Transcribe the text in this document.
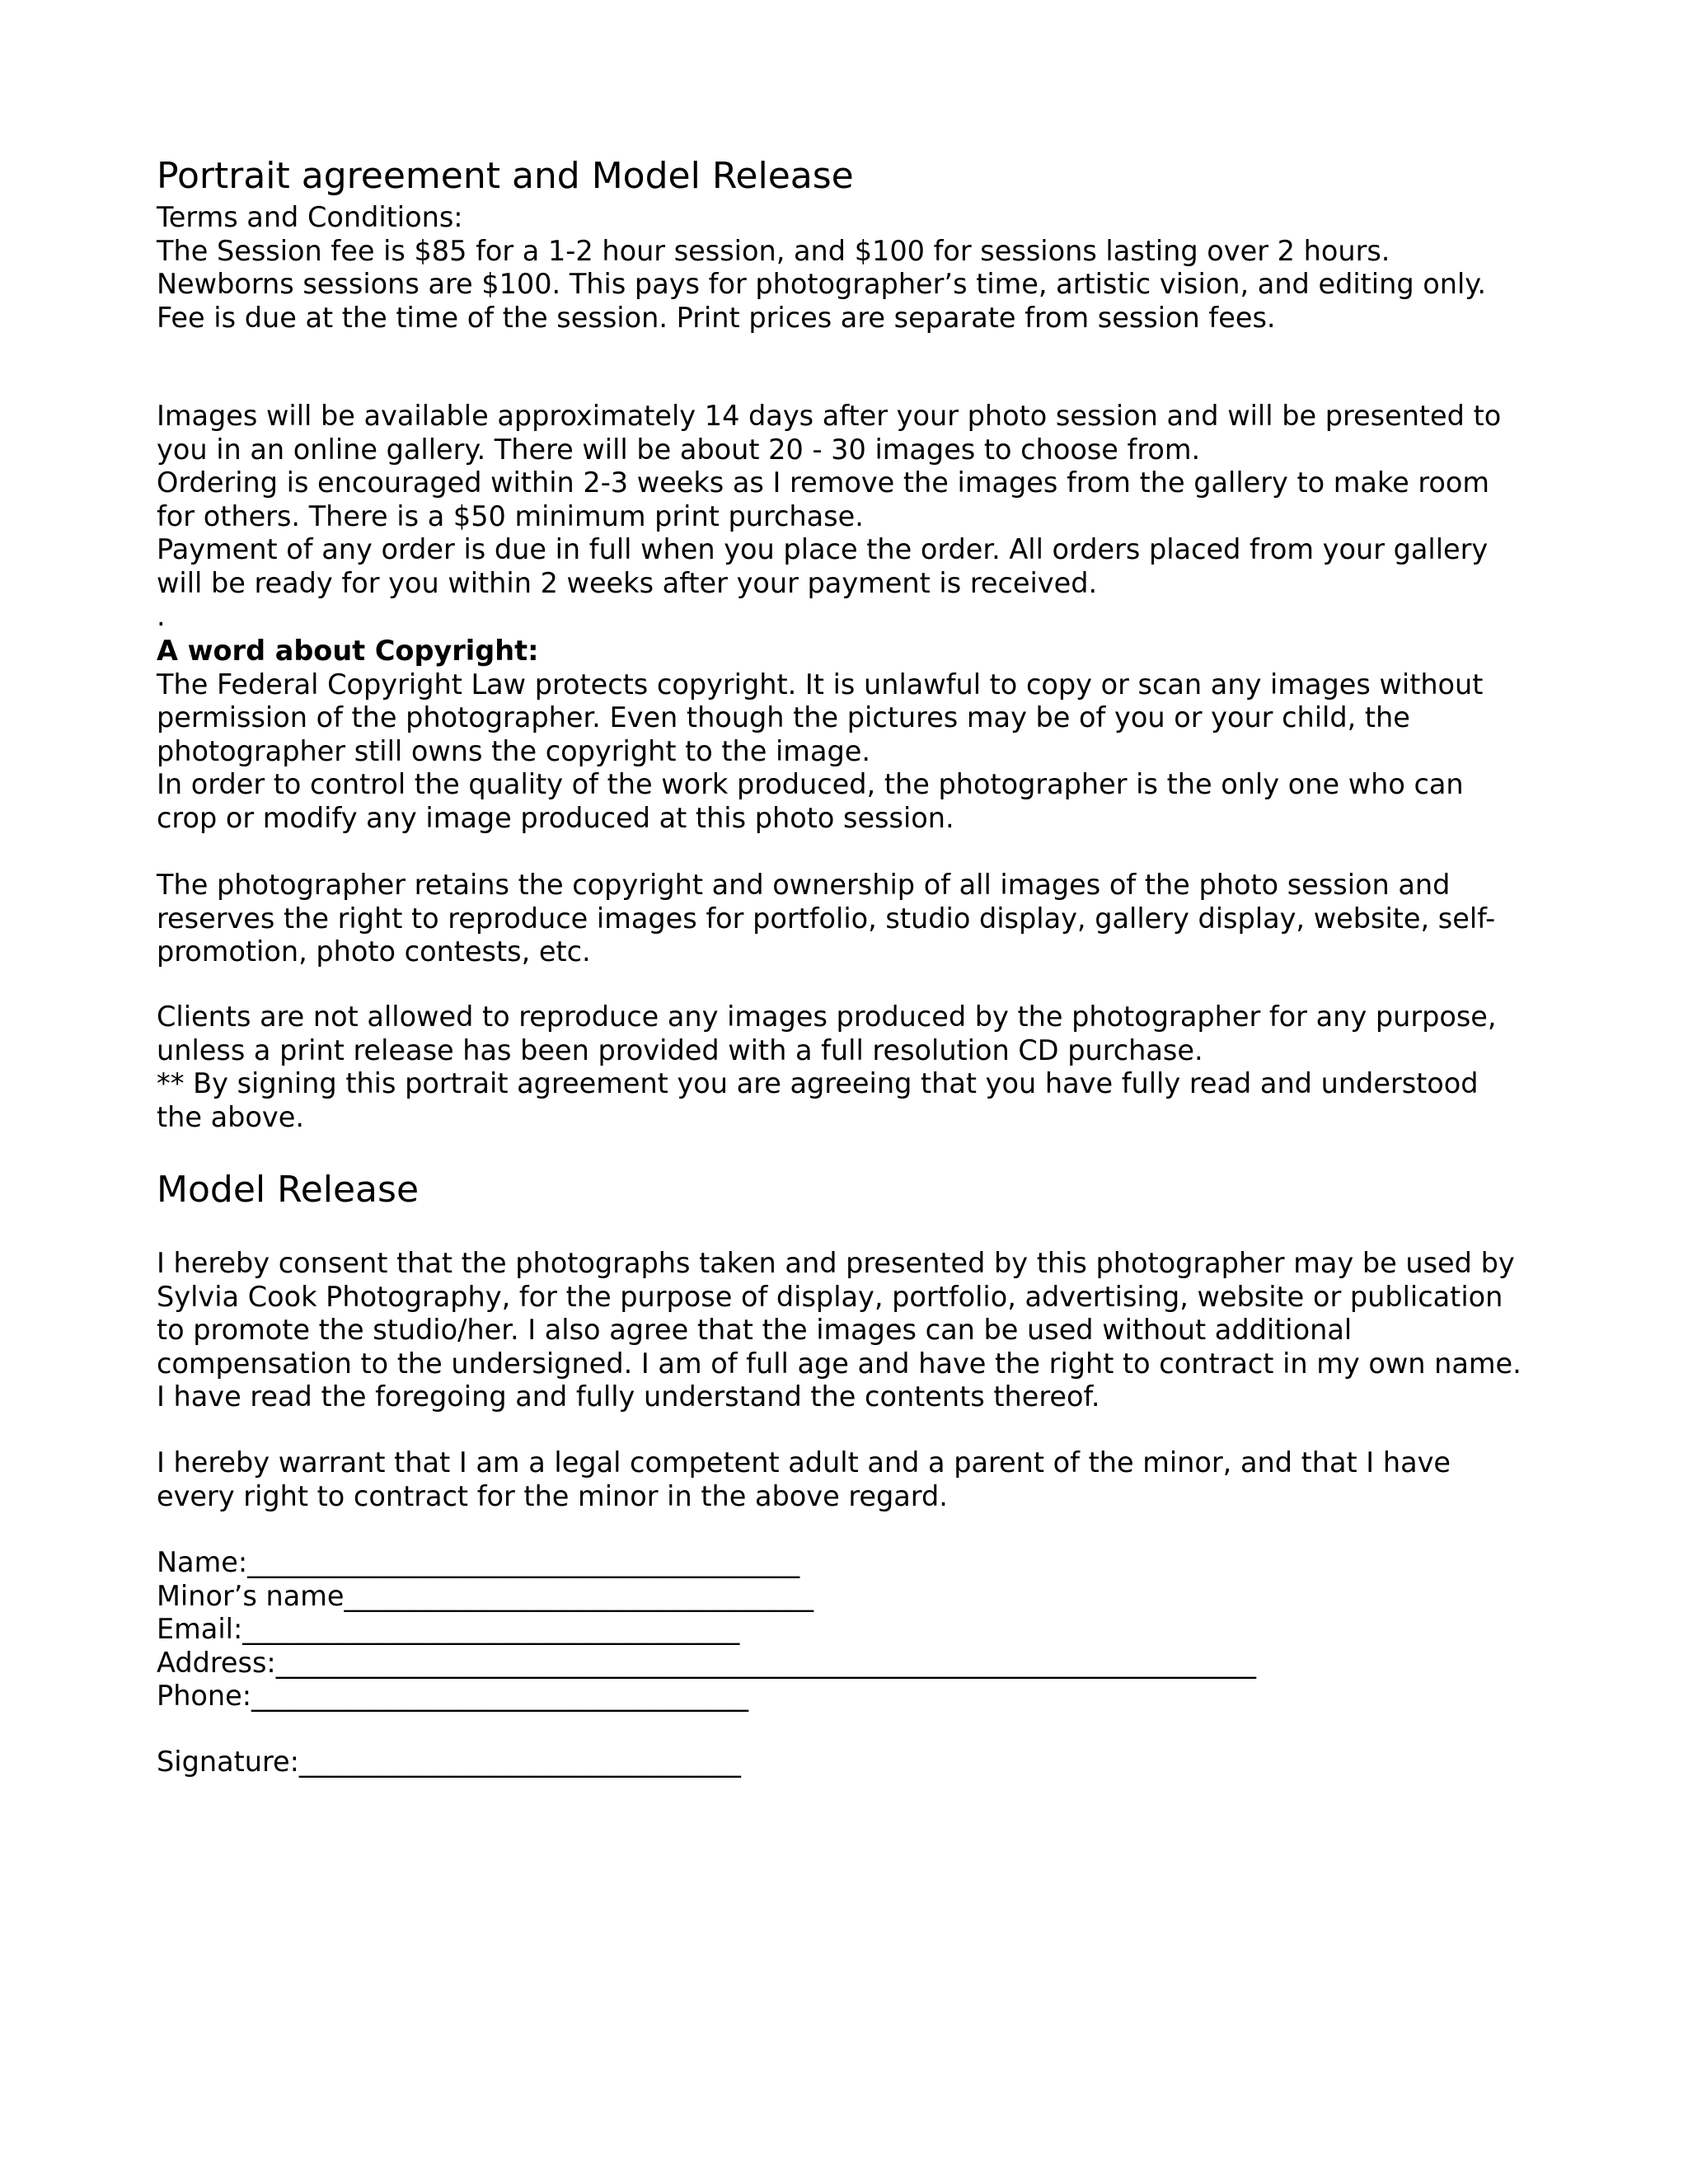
Portrait agreement and Model Release
Terms and Conditions:
The Session fee is $85 for a 1-2 hour session, and $100 for sessions lasting over 2 hours.
Newborns sessions are $100. This pays for photographer’s time, artistic vision, and editing only.
Fee is due at the time of the session. Print prices are separate from session fees.
Images will be available approximately 14 days after your photo session and will be presented to
you in an online gallery. There will be about 20 - 30 images to choose from.
Ordering is encouraged within 2-3 weeks as I remove the images from the gallery to make room
for others. There is a $50 minimum print purchase.
Payment of any order is due in full when you place the order. All orders placed from your gallery
will be ready for you within 2 weeks after your payment is received.
.
A word about Copyright:
The Federal Copyright Law protects copyright. It is unlawful to copy or scan any images without
permission of the photographer. Even though the pictures may be of you or your child, the
photographer still owns the copyright to the image.
In order to control the quality of the work produced, the photographer is the only one who can
crop or modify any image produced at this photo session.
The photographer retains the copyright and ownership of all images of the photo session and
reserves the right to reproduce images for portfolio, studio display, gallery display, website, self-
promotion, photo contests, etc.
Clients are not allowed to reproduce any images produced by the photographer for any purpose,
unless a print release has been provided with a full resolution CD purchase.
** By signing this portrait agreement you are agreeing that you have fully read and understood
the above.
Model Release
I hereby consent that the photographs taken and presented by this photographer may be used by
Sylvia Cook Photography, for the purpose of display, portfolio, advertising, website or publication
to promote the studio/her. I also agree that the images can be used without additional
compensation to the undersigned. I am of full age and have the right to contract in my own name.
I have read the foregoing and fully understand the contents thereof.
I hereby warrant that I am a legal competent adult and a parent of the minor, and that I have
every right to contract for the minor in the above regard.
Name:________________________________________
Minor’s name__________________________________
Email:____________________________________
Address:_______________________________________________________________________
Phone:____________________________________
Signature:________________________________
